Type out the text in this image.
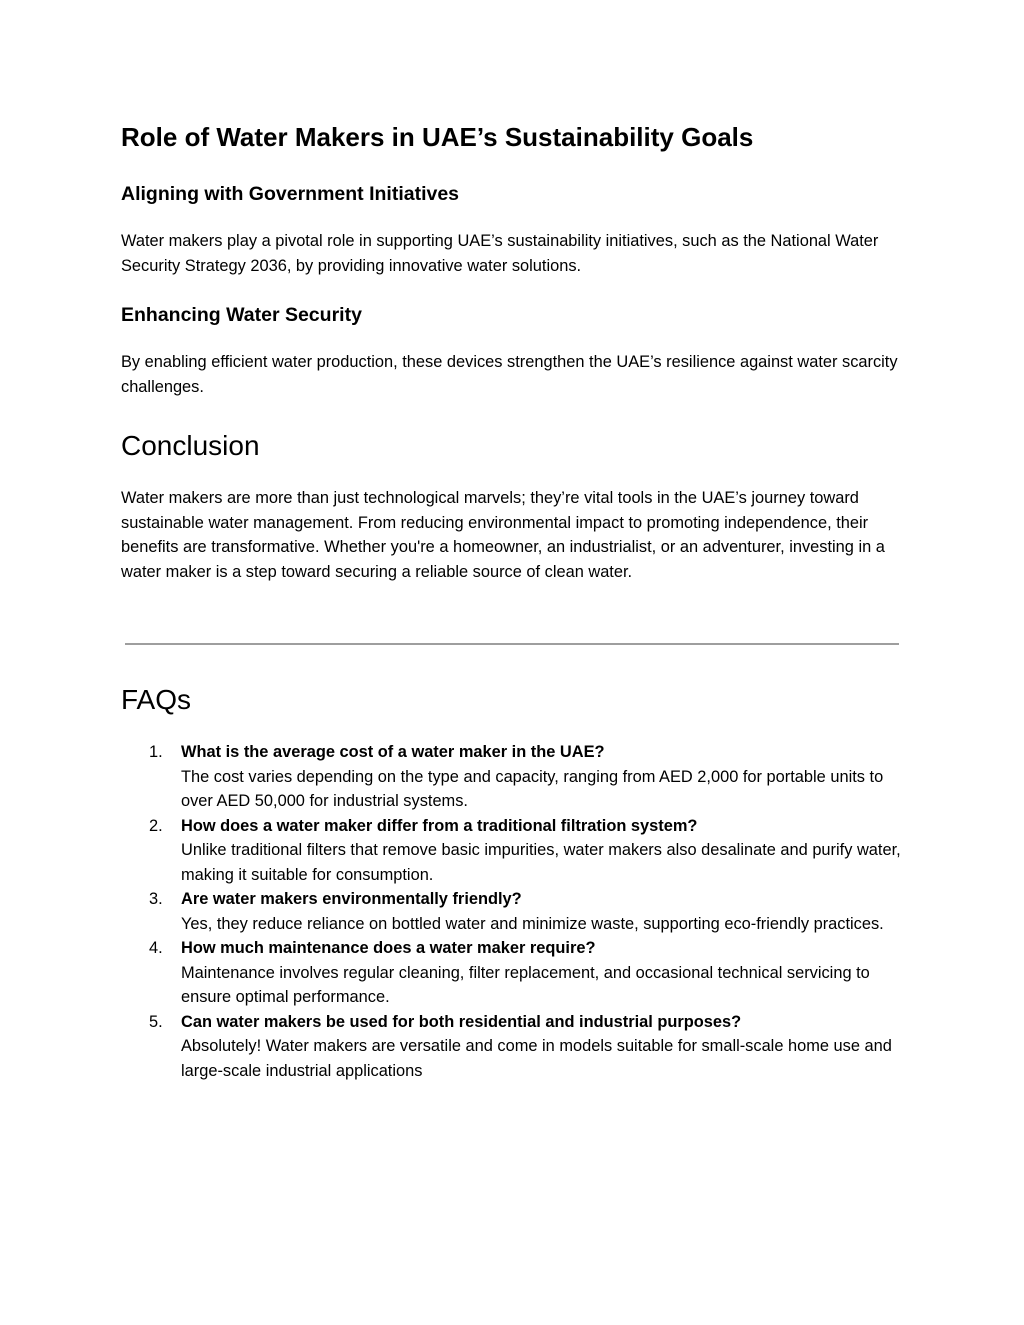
Role of Water Makers in UAE’s Sustainability Goals
Aligning with Government Initiatives

Water makers play a pivotal role in supporting UAE’s sustainability initiatives, such as the National Water Security Strategy 2036, by providing innovative water solutions.

Enhancing Water Security

By enabling efficient water production, these devices strengthen the UAE’s resilience against water scarcity challenges.

Conclusion

Water makers are more than just technological marvels; they’re vital tools in the UAE’s journey toward sustainable water management. From reducing environmental impact to promoting independence, their benefits are transformative. Whether you're a homeowner, an industrialist, or an adventurer, investing in a water maker is a step toward securing a reliable source of clean water.

FAQs
1. What is the average cost of a water maker in the UAE?
The cost varies depending on the type and capacity, ranging from AED 2,000 for portable units to over AED 50,000 for industrial systems.
2. How does a water maker differ from a traditional filtration system?
Unlike traditional filters that remove basic impurities, water makers also desalinate and purify water, making it suitable for consumption.
3. Are water makers environmentally friendly?
Yes, they reduce reliance on bottled water and minimize waste, supporting eco-friendly practices.
4. How much maintenance does a water maker require?
Maintenance involves regular cleaning, filter replacement, and occasional technical servicing to ensure optimal performance.
5. Can water makers be used for both residential and industrial purposes?
Absolutely! Water makers are versatile and come in models suitable for small-scale home use and large-scale industrial applications
